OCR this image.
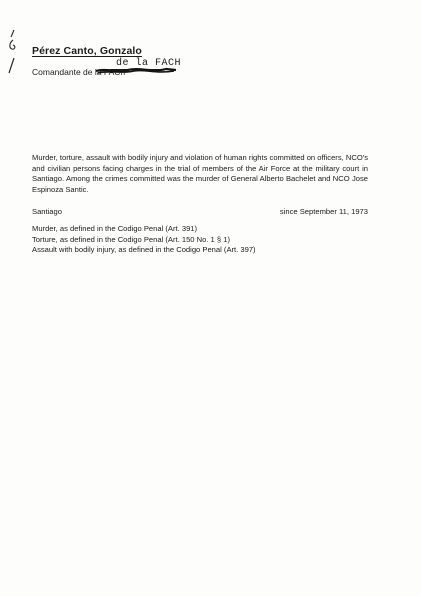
Pérez Canto, Gonzalo
de la FACH
Comandante de la FACh
Murder, torture, assault with bodily injury and violation of human rights committed on officers, NCO's and civilian persons facing charges in the trial of members of the Air Force at the military court in Santiago. Among the crimes committed was the murder of General Alberto Bachelet and NCO Jose Espinoza Santic.
Santiago	since September 11, 1973
Murder, as defined in the Codigo Penal (Art. 391)
Torture, as defined in the Codigo Penal (Art. 150 No. 1 § 1)
Assault with bodily injury, as defined in the Codigo Penal (Art. 397)
